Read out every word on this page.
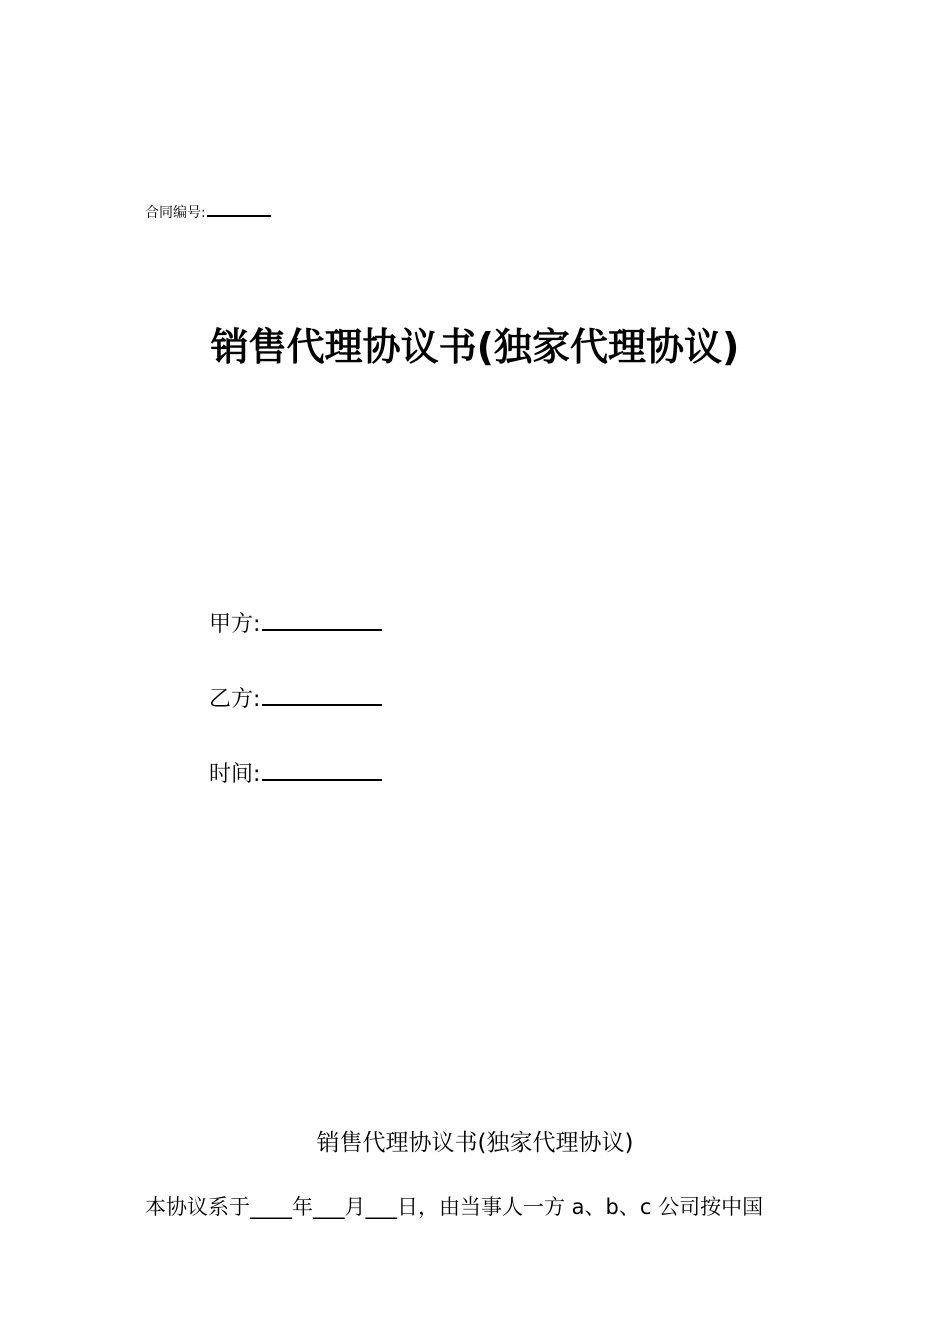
合同编号:
销售代理协议书(独家代理协议)
甲方:
乙方:
时间:
销售代理协议书(独家代理协议)
本协议系于____年___月___日，由当事人一方 a、b、c 公司按中国
